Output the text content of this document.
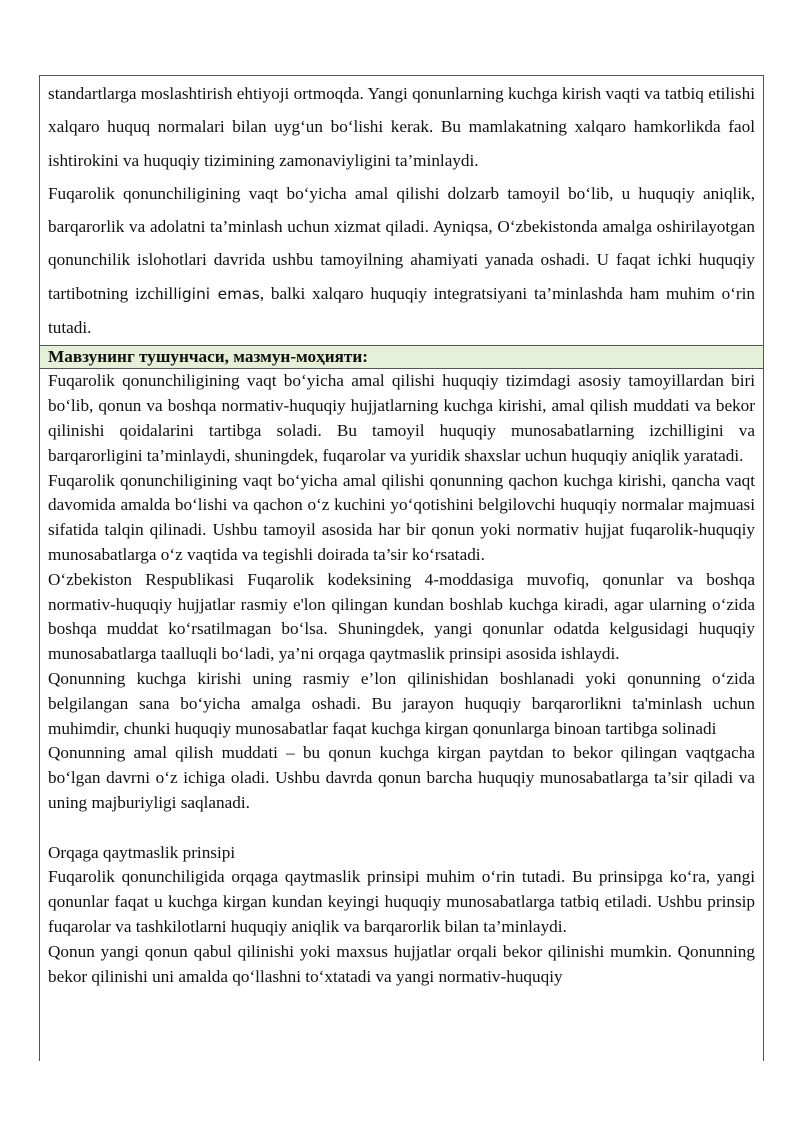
standartlarga moslashtirish ehtiyoji ortmoqda. Yangi qonunlarning kuchga kirish vaqti va tatbiq etilishi xalqaro huquq normalari bilan uyg‘un bo‘lishi kerak. Bu mamlakatning xalqaro hamkorlikda faol ishtirokini va huquqiy tizimining zamonaviyligini ta’minlaydi.

Fuqarolik qonunchiligining vaqt bo‘yicha amal qilishi dolzarb tamoyil bo‘lib, u huquqiy aniqlik, barqarorlik va adolatni ta’minlash uchun xizmat qiladi. Ayniqsa, O‘zbekistonda amalga oshirilayotgan qonunchilik islohotlari davrida ushbu tamoyilning ahamiyati yanada oshadi. U faqat ichki huquqiy tartibotning izchilligini emas, balki xalqaro huquqiy integratsiyani ta’minlashda ham muhim o‘rin tutadi.

Мавзунинг тушунчаси, мазмун-моҳияти:

Fuqarolik qonunchiligining vaqt bo‘yicha amal qilishi huquqiy tizimdagi asosiy tamoyillardan biri bo‘lib, qonun va boshqa normativ-huquqiy hujjatlarning kuchga kirishi, amal qilish muddati va bekor qilinishi qoidalarini tartibga soladi. Bu tamoyil huquqiy munosabatlarning izchilligini va barqarorligini ta’minlaydi, shuningdek, fuqarolar va yuridik shaxslar uchun huquqiy aniqlik yaratadi.

Fuqarolik qonunchiligining vaqt bo‘yicha amal qilishi qonunning qachon kuchga kirishi, qancha vaqt davomida amalda bo‘lishi va qachon o‘z kuchini yo‘qotishini belgilovchi huquqiy normalar majmuasi sifatida talqin qilinadi. Ushbu tamoyil asosida har bir qonun yoki normativ hujjat fuqarolik-huquqiy munosabatlarga o‘z vaqtida va tegishli doirada ta’sir ko‘rsatadi.

O‘zbekiston Respublikasi Fuqarolik kodeksining 4-moddasiga muvofiq, qonunlar va boshqa normativ-huquqiy hujjatlar rasmiy e'lon qilingan kundan boshlab kuchga kiradi, agar ularning o‘zida boshqa muddat ko‘rsatilmagan bo‘lsa. Shuningdek, yangi qonunlar odatda kelgusidagi huquqiy munosabatlarga taalluqli bo‘ladi, ya’ni orqaga qaytmaslik prinsipi asosida ishlaydi.

Qonunning kuchga kirishi uning rasmiy e’lon qilinishidan boshlanadi yoki qonunning o‘zida belgilangan sana bo‘yicha amalga oshadi. Bu jarayon huquqiy barqarorlikni ta'minlash uchun muhimdir, chunki huquqiy munosabatlar faqat kuchga kirgan qonunlarga binoan tartibga solinadi

Qonunning amal qilish muddati – bu qonun kuchga kirgan paytdan to bekor qilingan vaqtgacha bo‘lgan davrni o‘z ichiga oladi. Ushbu davrda qonun barcha huquqiy munosabatlarga ta’sir qiladi va uning majburiyligi saqlanadi.

Orqaga qaytmaslik prinsipi

Fuqarolik qonunchiligida orqaga qaytmaslik prinsipi muhim o‘rin tutadi. Bu prinsipga ko‘ra, yangi qonunlar faqat u kuchga kirgan kundan keyingi huquqiy munosabatlarga tatbiq etiladi. Ushbu prinsip fuqarolar va tashkilotlarni huquqiy aniqlik va barqarorlik bilan ta’minlaydi.

Qonun yangi qonun qabul qilinishi yoki maxsus hujjatlar orqali bekor qilinishi mumkin. Qonunning bekor qilinishi uni amalda qo‘llashni to‘xtatadi va yangi normativ-huquqiy
